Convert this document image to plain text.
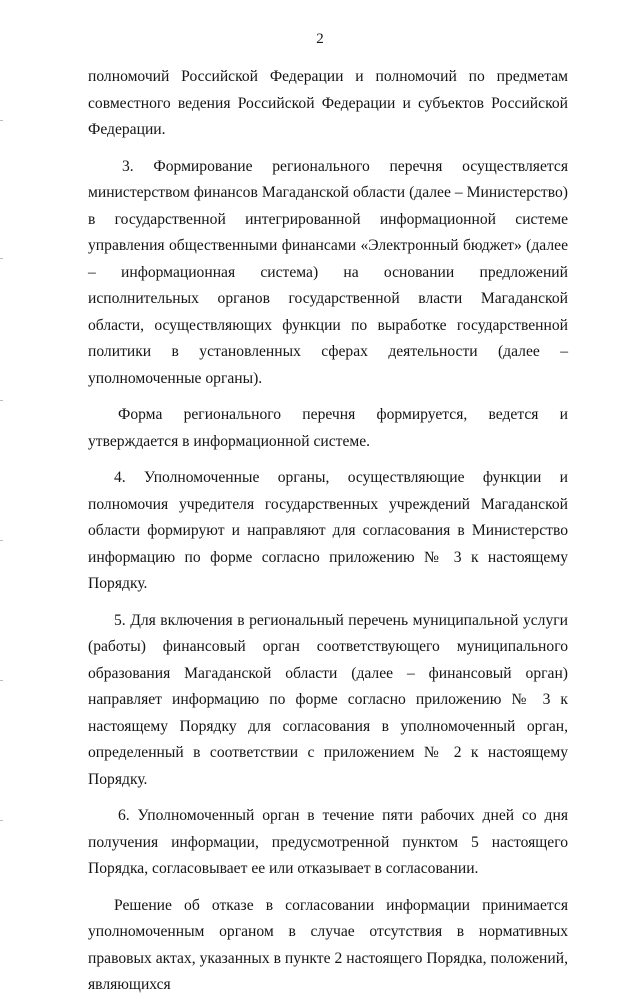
2

полномочий Российской Федерации и полномочий по предметам совместного ведения Российской Федерации и субъектов Российской Федерации.

3. Формирование регионального перечня осуществляется министерством финансов Магаданской области (далее – Министерство) в государственной интегрированной информационной системе управления общественными финансами «Электронный бюджет» (далее – информационная система) на основании предложений исполнительных органов государственной власти Магаданской области, осуществляющих функции по выработке государственной политики в установленных сферах деятельности (далее – уполномоченные органы).

Форма регионального перечня формируется, ведется и утверждается в информационной системе.

4. Уполномоченные органы, осуществляющие функции и полномочия учредителя государственных учреждений Магаданской области формируют и направляют для согласования в Министерство информацию по форме согласно приложению № 3 к настоящему Порядку.

5. Для включения в региональный перечень муниципальной услуги (работы) финансовый орган соответствующего муниципального образования Магаданской области (далее – финансовый орган) направляет информацию по форме согласно приложению № 3 к настоящему Порядку для согласования в уполномоченный орган, определенный в соответствии с приложением № 2 к настоящему Порядку.

6. Уполномоченный орган в течение пяти рабочих дней со дня получения информации, предусмотренной пунктом 5 настоящего Порядка, согласовывает ее или отказывает в согласовании.

Решение об отказе в согласовании информации принимается уполномоченным органом в случае отсутствия в нормативных правовых актах, указанных в пункте 2 настоящего Порядка, положений, являющихся
